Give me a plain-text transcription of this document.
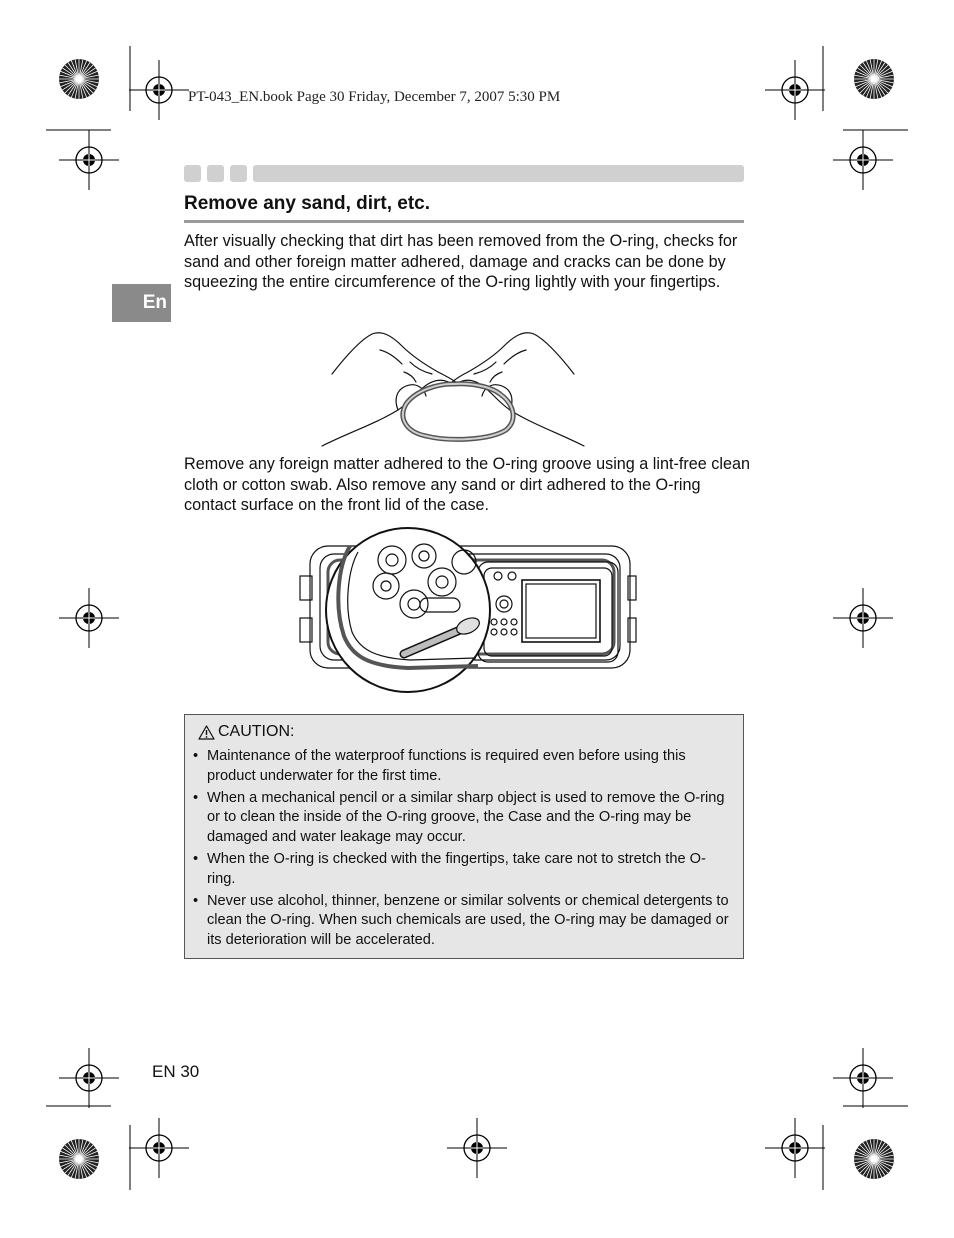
PT-043_EN.book Page 30 Friday, December 7, 2007 5:30 PM
Remove any sand, dirt, etc.
En
After visually checking that dirt has been removed from the O-ring, checks for sand and other foreign matter adhered, damage and cracks can be done by squeezing the entire circumference of the O-ring lightly with your fingertips.
Remove any foreign matter adhered to the O-ring groove using a lint-free clean cloth or cotton swab. Also remove any sand or dirt adhered to the O-ring contact surface on the front lid of the case.
CAUTION:
• Maintenance of the waterproof functions is required even before using this product underwater for the first time.
• When a mechanical pencil or a similar sharp object is used to remove the O-ring or to clean the inside of the O-ring groove, the Case and the O-ring may be damaged and water leakage may occur.
• When the O-ring is checked with the fingertips, take care not to stretch the O-ring.
• Never use alcohol, thinner, benzene or similar solvents or chemical detergents to clean the O-ring. When such chemicals are used, the O-ring may be damaged or its deterioration will be accelerated.
EN 30
